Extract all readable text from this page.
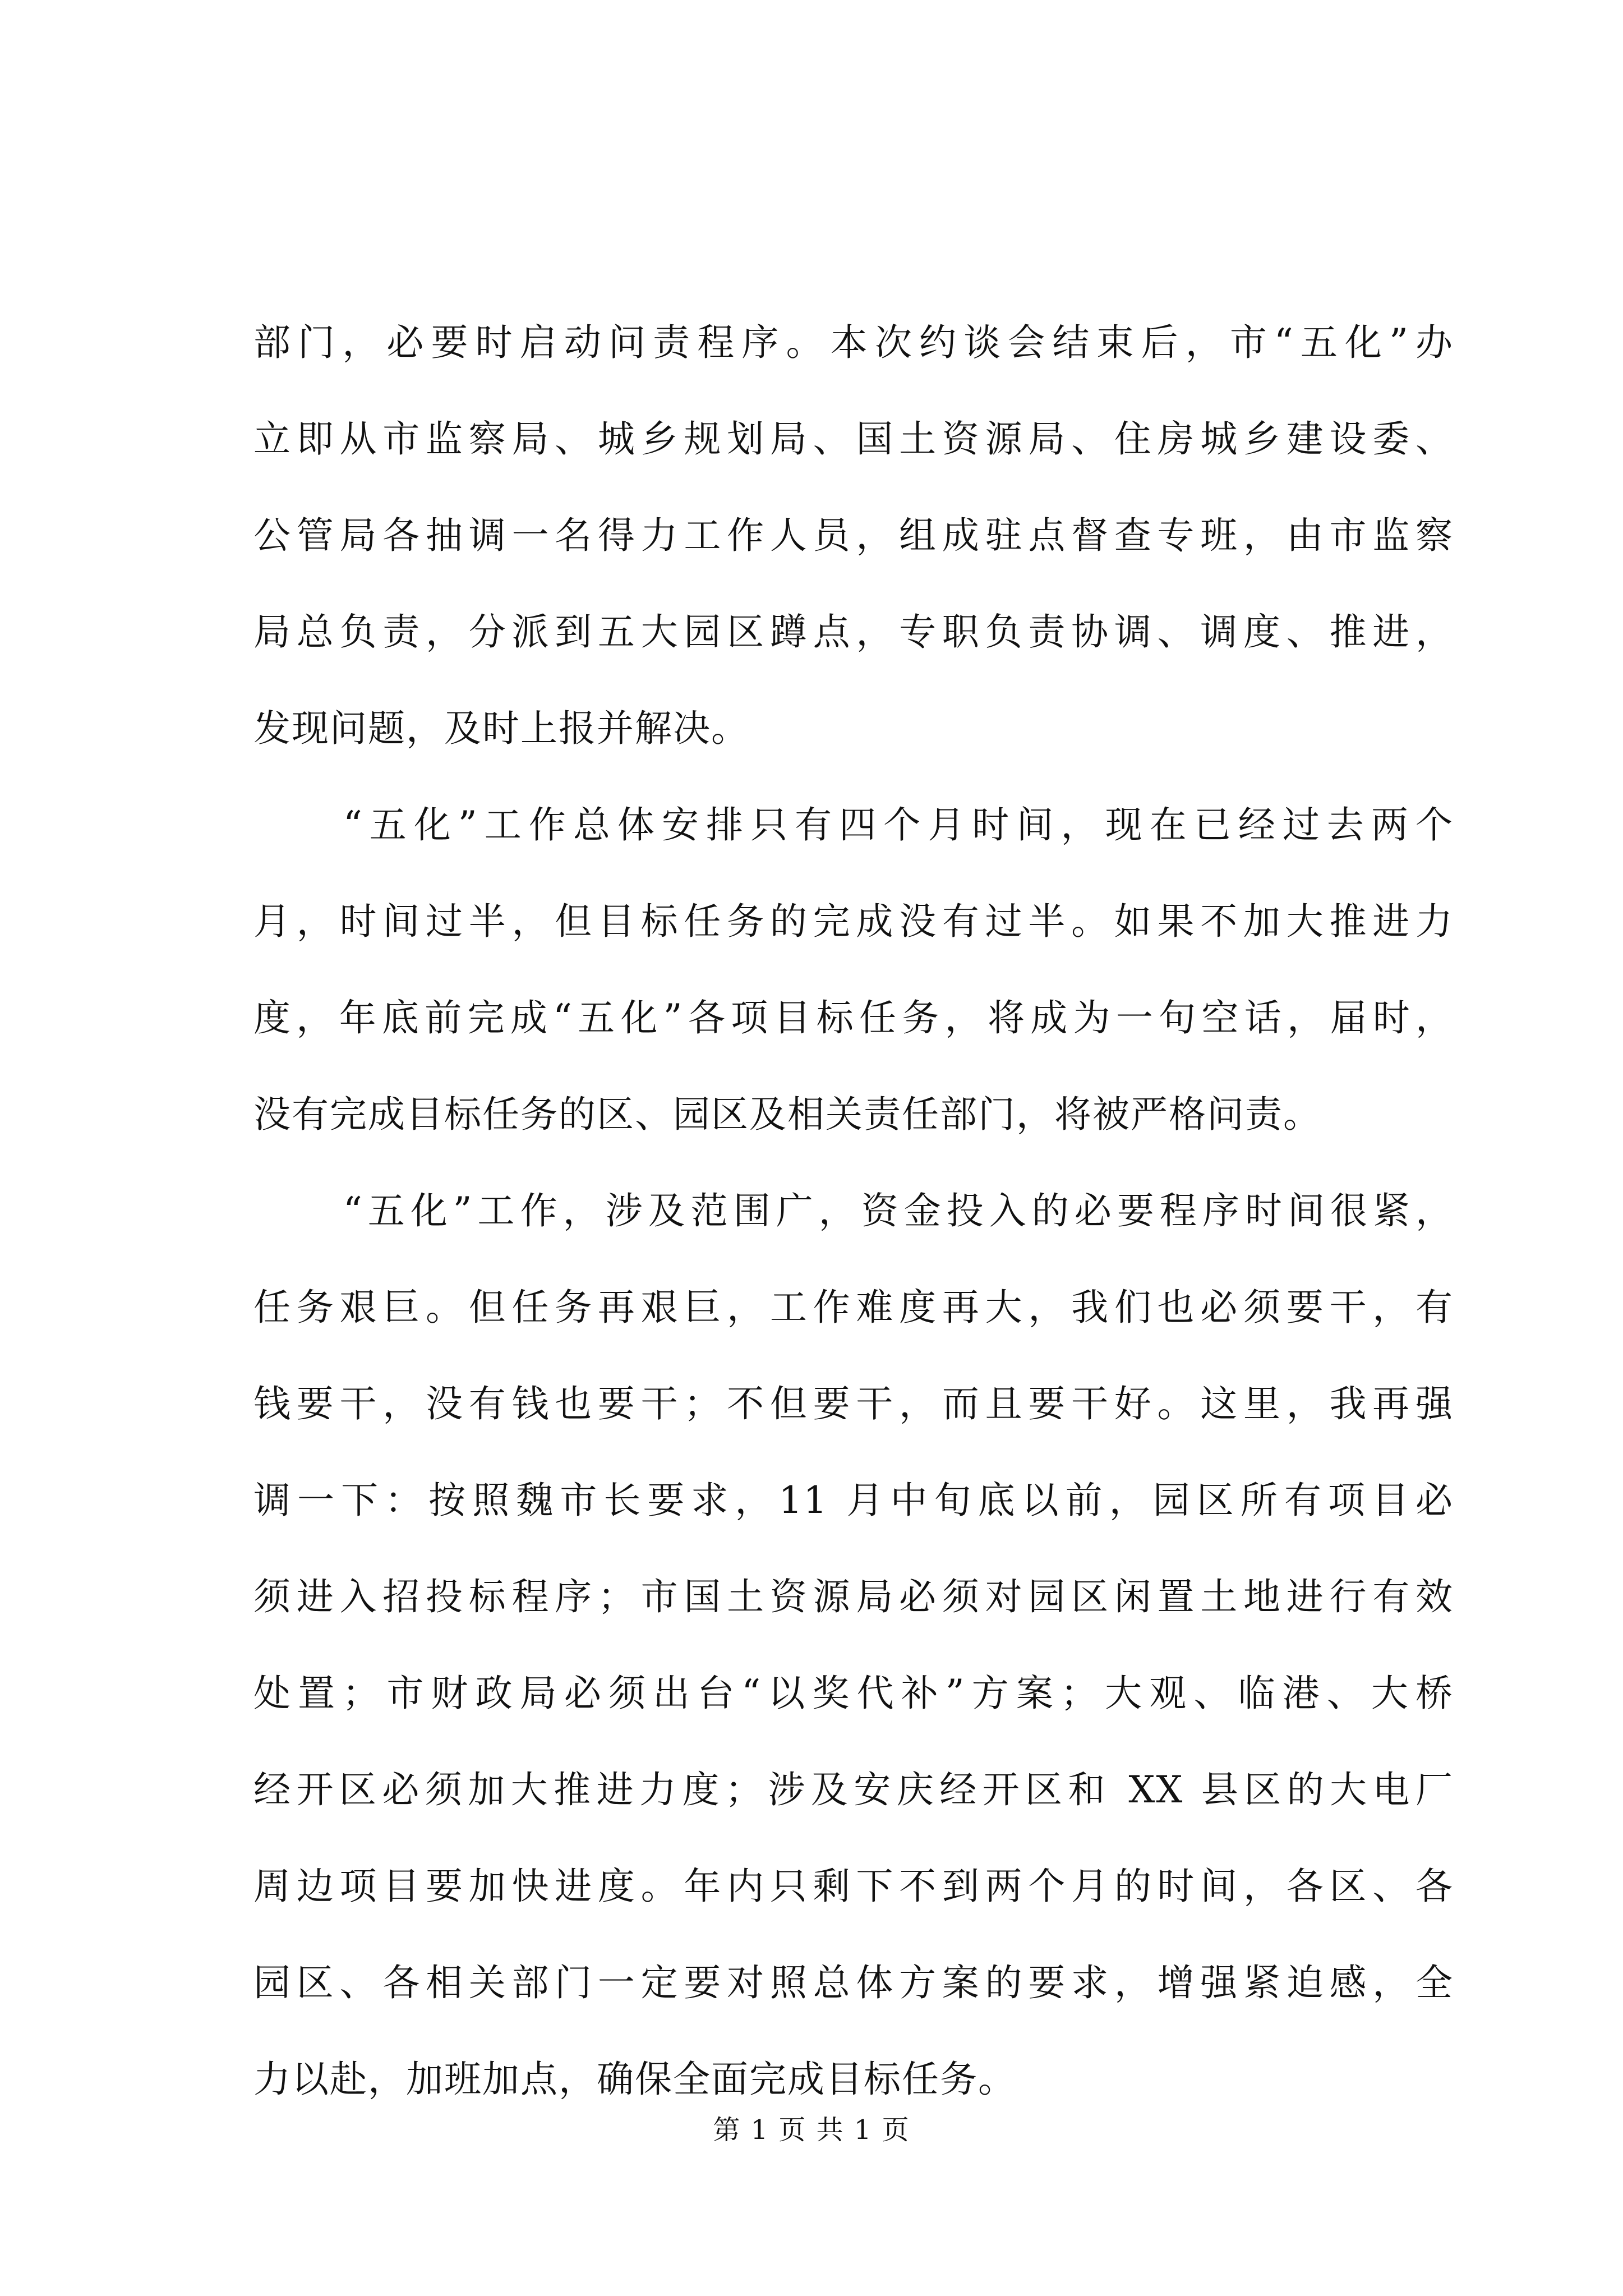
部门，必要时启动问责程序。本次约谈会结束后，市“五化”办
立即从市监察局、城乡规划局、国土资源局、住房城乡建设委、
公管局各抽调一名得力工作人员，组成驻点督查专班，由市监察
局总负责，分派到五大园区蹲点，专职负责协调、调度、推进，
发现问题，及时上报并解决。
“五化”工作总体安排只有四个月时间，现在已经过去两个
月，时间过半，但目标任务的完成没有过半。如果不加大推进力
度，年底前完成“五化”各项目标任务，将成为一句空话，届时，
没有完成目标任务的区、园区及相关责任部门，将被严格问责。
“五化”工作，涉及范围广，资金投入的必要程序时间很紧，
任务艰巨。但任务再艰巨，工作难度再大，我们也必须要干，有
钱要干，没有钱也要干；不但要干，而且要干好。这里，我再强
调一下：按照魏市长要求，11 月中旬底以前，园区所有项目必
须进入招投标程序；市国土资源局必须对园区闲置土地进行有效
处置；市财政局必须出台“以奖代补”方案；大观、临港、大桥
经开区必须加大推进力度；涉及安庆经开区和 XX 县区的大电厂
周边项目要加快进度。年内只剩下不到两个月的时间，各区、各
园区、各相关部门一定要对照总体方案的要求，增强紧迫感，全
力以赴，加班加点，确保全面完成目标任务。
第 1 页 共 1 页
